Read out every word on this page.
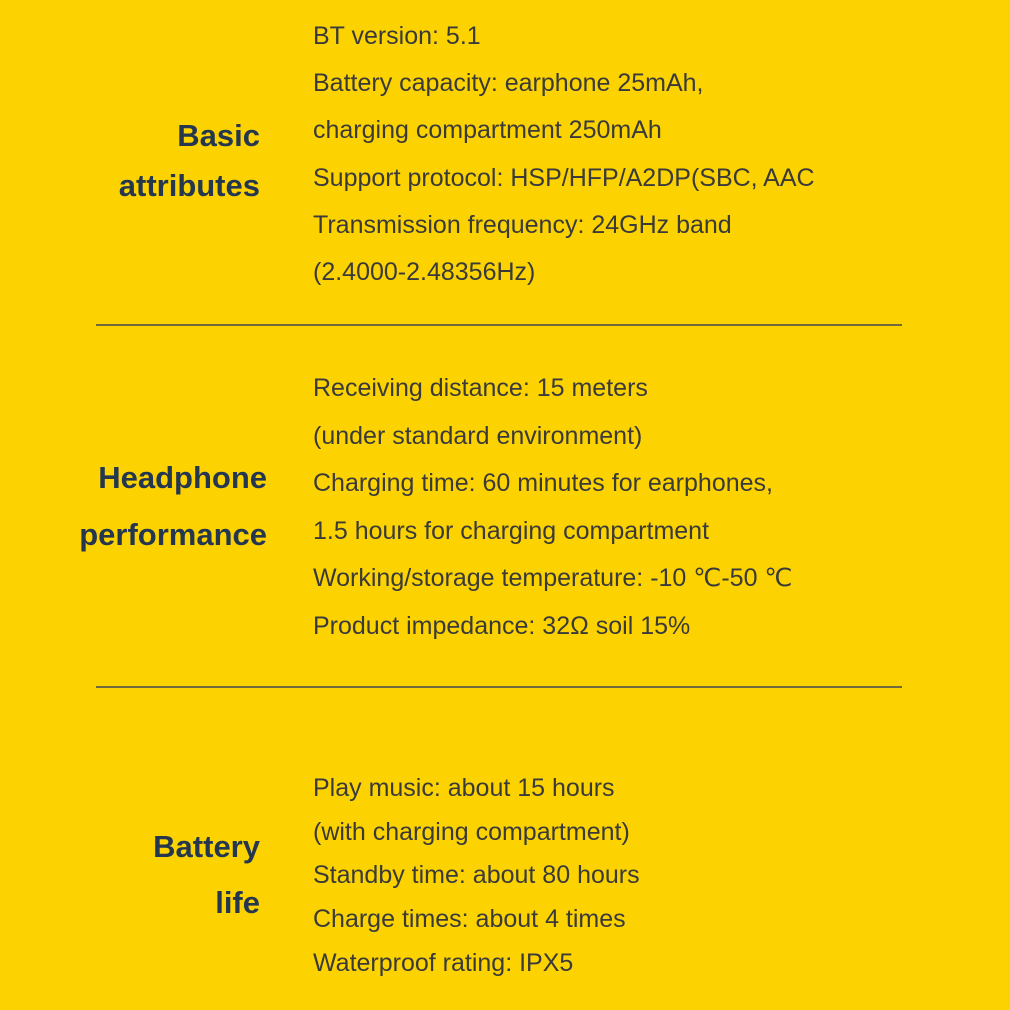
Basic
attributes
BT version: 5.1
Battery capacity: earphone 25mAh,
charging compartment 250mAh
Support protocol: HSP/HFP/A2DP(SBC, AAC
Transmission frequency: 24GHz band
(2.4000-2.48356Hz)
Headphone
performance
Receiving distance: 15 meters
(under standard environment)
Charging time: 60 minutes for earphones,
1.5 hours for charging compartment
Working/storage temperature: -10 ℃-50 ℃
Product impedance: 32Ω soil 15%
Battery
life
Play music: about 15 hours
(with charging compartment)
Standby time: about 80 hours
Charge times: about 4 times
Waterproof rating: IPX5
